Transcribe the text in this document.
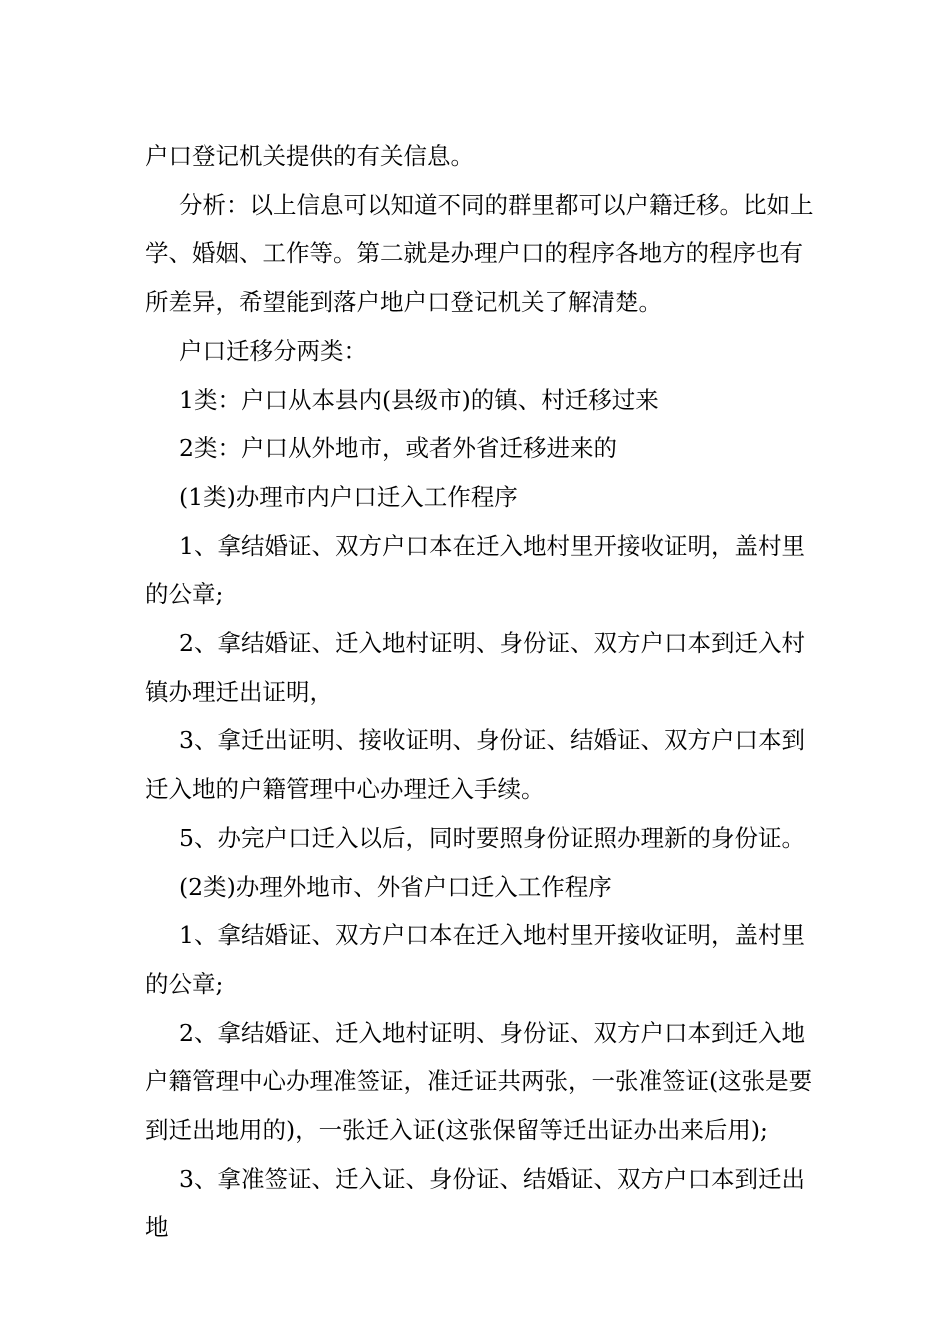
户口登记机关提供的有关信息。

分析：以上信息可以知道不同的群里都可以户籍迁移。比如上学、婚姻、工作等。第二就是办理户口的程序各地方的程序也有所差异，希望能到落户地户口登记机关了解清楚。

户口迁移分两类：

1类：户口从本县内(县级市)的镇、村迁移过来

2类：户口从外地市，或者外省迁移进来的

(1类)办理市内户口迁入工作程序

1、拿结婚证、双方户口本在迁入地村里开接收证明，盖村里的公章;

2、拿结婚证、迁入地村证明、身份证、双方户口本到迁入村镇办理迁出证明，

3、拿迁出证明、接收证明、身份证、结婚证、双方户口本到迁入地的户籍管理中心办理迁入手续。

5、办完户口迁入以后，同时要照身份证照办理新的身份证。

(2类)办理外地市、外省户口迁入工作程序

1、拿结婚证、双方户口本在迁入地村里开接收证明，盖村里的公章;

2、拿结婚证、迁入地村证明、身份证、双方户口本到迁入地户籍管理中心办理准签证，准迁证共两张，一张准签证(这张是要到迁出地用的)，一张迁入证(这张保留等迁出证办出来后用);

3、拿准签证、迁入证、身份证、结婚证、双方户口本到迁出地
